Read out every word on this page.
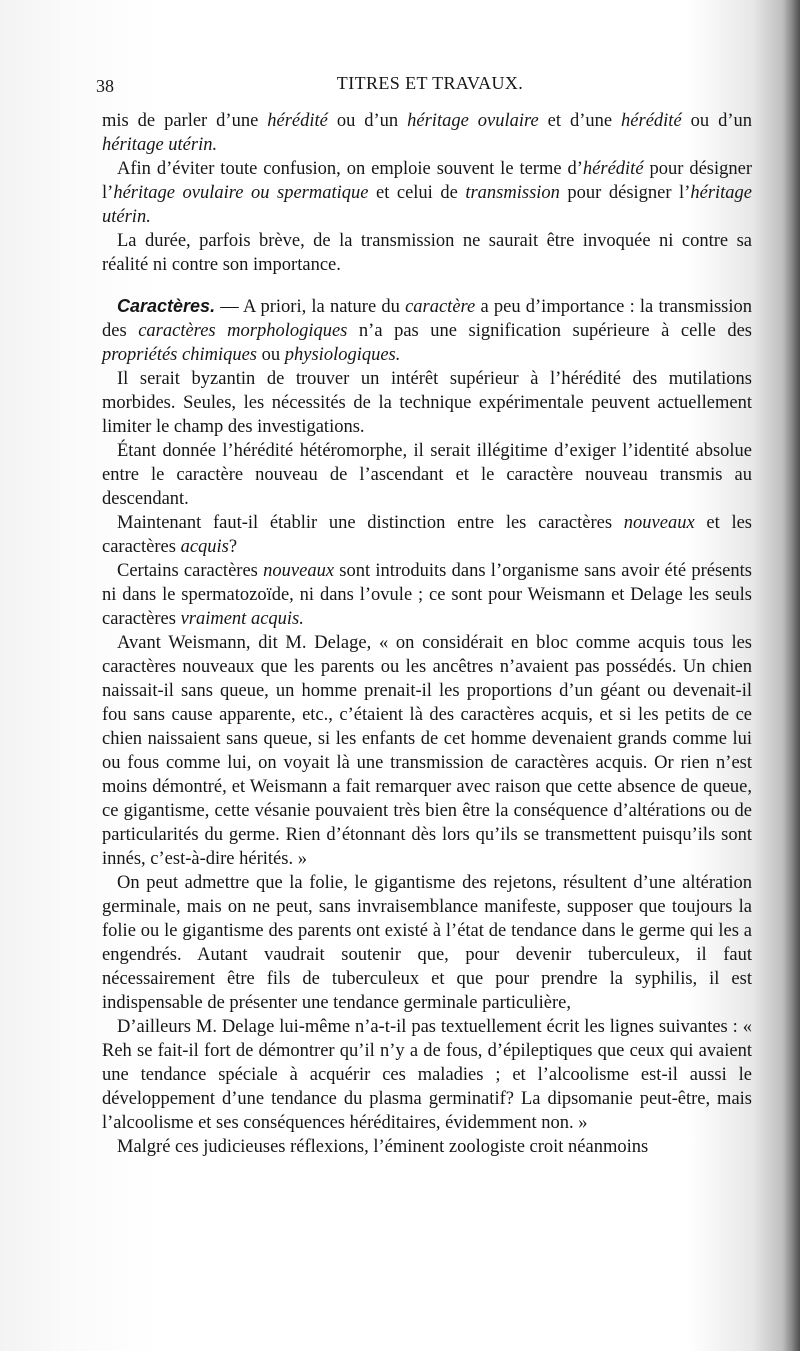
38	TITRES ET TRAVAUX.

mis de parler d’une hérédité ou d’un héritage ovulaire et d’une hérédité ou d’un héritage utérin.

Afin d’éviter toute confusion, on emploie souvent le terme d’hérédité pour désigner l’héritage ovulaire ou spermatique et celui de transmission pour désigner l’héritage utérin.

La durée, parfois brève, de la transmission ne saurait être invoquée ni contre sa réalité ni contre son importance.

Caractères. — A priori, la nature du caractère a peu d’importance : la transmission des caractères morphologiques n’a pas une signification supérieure à celle des propriétés chimiques ou physiologiques.

Il serait byzantin de trouver un intérêt supérieur à l’hérédité des mutilations morbides. Seules, les nécessités de la technique expérimentale peuvent actuellement limiter le champ des investigations.

Étant donnée l’hérédité hétéromorphe, il serait illégitime d’exiger l’identité absolue entre le caractère nouveau de l’ascendant et le caractère nouveau transmis au descendant.

Maintenant faut-il établir une distinction entre les caractères nouveaux et les caractères acquis?

Certains caractères nouveaux sont introduits dans l’organisme sans avoir été présents ni dans le spermatozoïde, ni dans l’ovule ; ce sont pour Weismann et Delage les seuls caractères vraiment acquis.

Avant Weismann, dit M. Delage, « on considérait en bloc comme acquis tous les caractères nouveaux que les parents ou les ancêtres n’avaient pas possédés. Un chien naissait-il sans queue, un homme prenait-il les proportions d’un géant ou devenait-il fou sans cause apparente, etc., c’étaient là des caractères acquis, et si les petits de ce chien naissaient sans queue, si les enfants de cet homme devenaient grands comme lui ou fous comme lui, on voyait là une transmission de caractères acquis. Or rien n’est moins démontré, et Weismann a fait remarquer avec raison que cette absence de queue, ce gigantisme, cette vésanie pouvaient très bien être la conséquence d’altérations ou de particularités du germe. Rien d’étonnant dès lors qu’ils se transmettent puisqu’ils sont innés, c’est-à-dire hérités. »

On peut admettre que la folie, le gigantisme des rejetons, résultent d’une altération germinale, mais on ne peut, sans invraisemblance manifeste, supposer que toujours la folie ou le gigantisme des parents ont existé à l’état de tendance dans le germe qui les a engendrés. Autant vaudrait soutenir que, pour devenir tuberculeux, il faut nécessairement être fils de tuberculeux et que pour prendre la syphilis, il est indispensable de présenter une tendance germinale particulière,

D’ailleurs M. Delage lui-même n’a-t-il pas textuellement écrit les lignes suivantes : « Reh se fait-il fort de démontrer qu’il n’y a de fous, d’épileptiques que ceux qui avaient une tendance spéciale à acquérir ces maladies ; et l’alcoolisme est-il aussi le développement d’une tendance du plasma germinatif? La dipsomanie peut-être, mais l’alcoolisme et ses conséquences héréditaires, évidemment non. »

Malgré ces judicieuses réflexions, l’éminent zoologiste croit néanmoins
